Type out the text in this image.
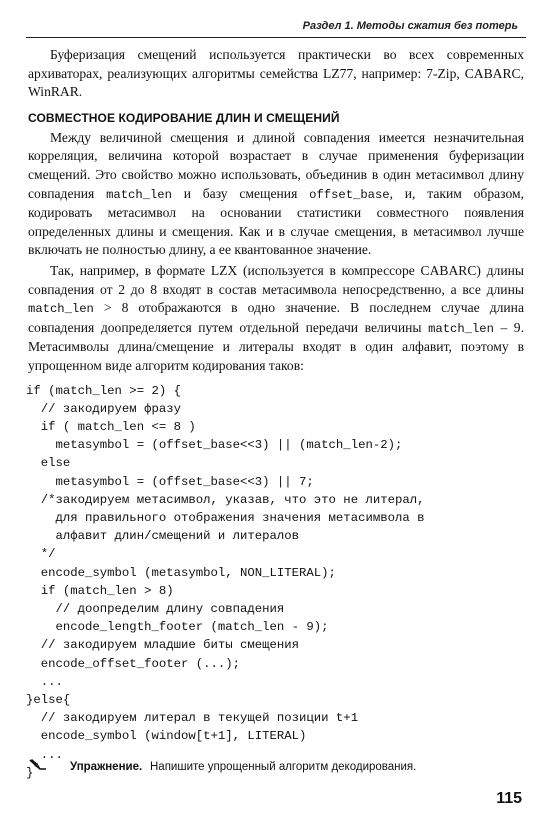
Раздел 1. Методы сжатия без потерь

Буферизация смещений используется практически во всех современных архиваторах, реализующих алгоритмы семейства LZ77, например: 7-Zip, CABARC, WinRAR.

СОВМЕСТНОЕ КОДИРОВАНИЕ ДЛИН И СМЕЩЕНИЙ

Между величиной смещения и длиной совпадения имеется незначительная корреляция, величина которой возрастает в случае применения буферизации смещений. Это свойство можно использовать, объединив в один метасимвол длину совпадения match_len и базу смещения offset_base, и, таким образом, кодировать метасимвол на основании статистики совместного появления определенных длины и смещения. Как и в случае смещения, в метасимвол лучше включать не полностью длину, а ее квантованное значение.

Так, например, в формате LZX (используется в компрессоре CABARC) длины совпадения от 2 до 8 входят в состав метасимвола непосредственно, а все длины match_len > 8 отображаются в одно значение. В последнем случае длина совпадения доопределяется путем отдельной передачи величины match_len – 9. Метасимволы длина/смещение и литералы входят в один алфавит, поэтому в упрощенном виде алгоритм кодирования таков:

if (match_len >= 2) {
// закодируем фразу
if ( match_len <= 8 )
metasymbol = (offset_base<<3) || (match_len-2);
else
metasymbol = (offset_base<<3) || 7;
/*закодируем метасимвол, указав, что это не литерал,
для правильного отображения значения метасимвола в
алфавит длин/смещений и литералов
*/
encode_symbol (metasymbol, NON_LITERAL);
if (match_len > 8)
// доопределим длину совпадения
encode_length_footer (match_len - 9);
// закодируем младшие биты смещения
encode_offset_footer (...);
...
}else{
// закодируем литерал в текущей позиции t+1
encode_symbol (window[t+1], LITERAL)
...
}	Упражнение. Напишите упрощенный алгоритм декодирования.
115
